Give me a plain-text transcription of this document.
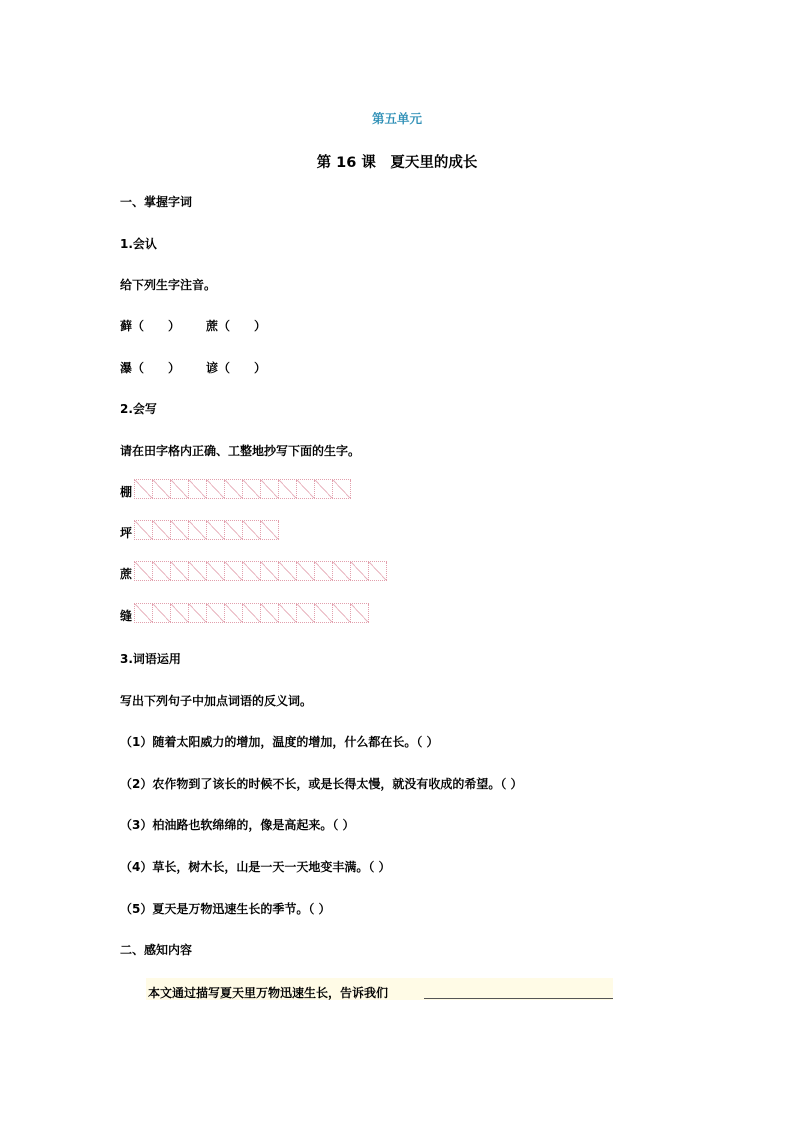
第五单元
第 16 课　夏天里的成长
一、掌握字词
1.会认
给下列生字注音。
藓（　　） 蔗（　　）
瀑（　　） 谚（　　）
2.会写
请在田字格内正确、工整地抄写下面的生字。
棚
坪
蔗
缝
3.词语运用
写出下列句子中加点词语的反义词。
（1）随着太阳威力的增加，温度的增加，什么都在长。（ ）
（2）农作物到了该长的时候不长，或是长得太慢，就没有收成的希望。（ ）
（3）柏油路也软绵绵的，像是高起来。（ ）
（4）草长，树木长，山是一天一天地变丰满。（ ）
（5）夏天是万物迅速生长的季节。（ ）
二、感知内容
本文通过描写夏天里万物迅速生长，告诉我们
